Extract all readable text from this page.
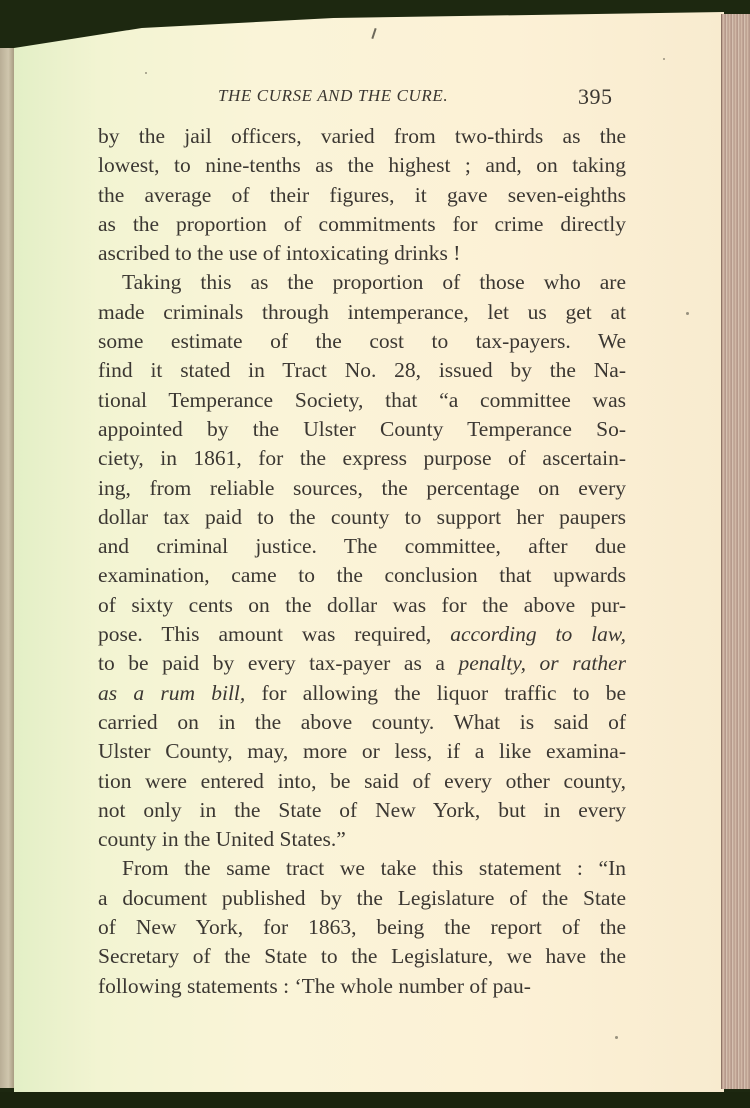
THE CURSE AND THE CURE.	395
by the jail officers, varied from two-thirds as the
lowest, to nine-tenths as the highest ; and, on taking
the average of their figures, it gave seven-eighths
as the proportion of commitments for crime directly
ascribed to the use of intoxicating drinks !
Taking this as the proportion of those who are
made criminals through intemperance, let us get at
some estimate of the cost to tax-payers. We
find it stated in Tract No. 28, issued by the Na-
tional Temperance Society, that “a committee was
appointed by the Ulster County Temperance So-
ciety, in 1861, for the express purpose of ascertain-
ing, from reliable sources, the percentage on every
dollar tax paid to the county to support her paupers
and criminal justice. The committee, after due
examination, came to the conclusion that upwards
of sixty cents on the dollar was for the above pur-
pose. This amount was required, according to law,
to be paid by every tax-payer as a penalty, or rather
as a rum bill, for allowing the liquor traffic to be
carried on in the above county. What is said of
Ulster County, may, more or less, if a like examina-
tion were entered into, be said of every other county,
not only in the State of New York, but in every
county in the United States.”
From the same tract we take this statement : “In
a document published by the Legislature of the State
of New York, for 1863, being the report of the
Secretary of the State to the Legislature, we have the
following statements : ‘The whole number of pau-
